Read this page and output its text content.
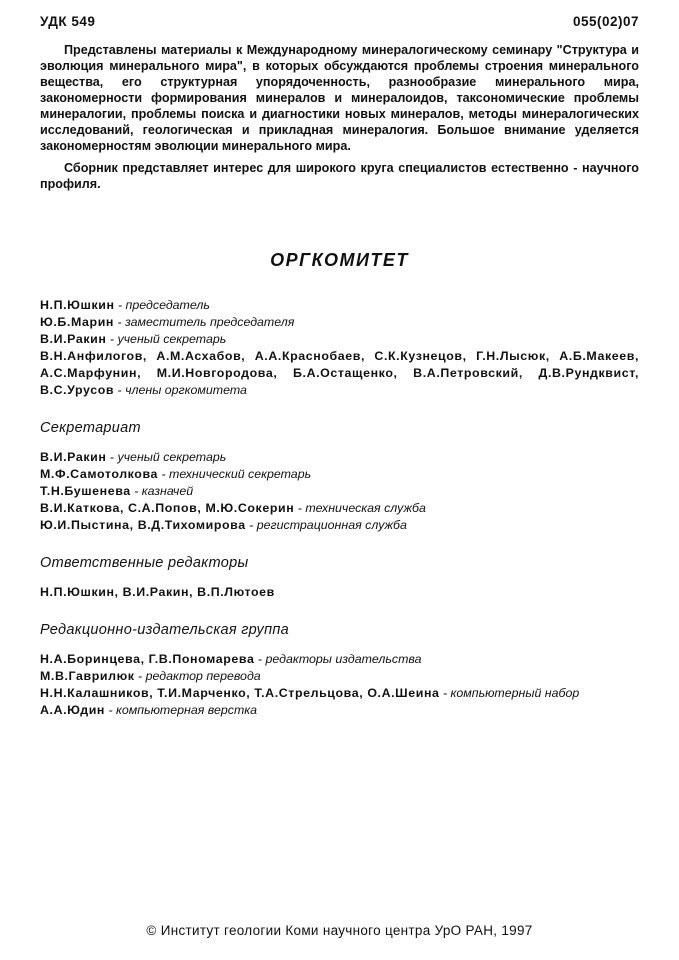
УДК 549	055(02)07

Представлены материалы к Международному минералогическому семинару "Структура и эволюция минерального мира", в которых обсуждаются проблемы строения минерального вещества, его структурная упорядоченность, разнообразие минерального мира, закономерности формирования минералов и минералоидов, таксономические проблемы минералогии, проблемы поиска и диагностики новых минералов, методы минералогических исследований, геологическая и прикладная минералогия. Большое внимание уделяется закономерностям эволюции минерального мира.

Сборник представляет интерес для широкого круга специалистов естественно - научного профиля.

ОРГКОМИТЕТ

Н.П.Юшкин - председатель

Ю.Б.Марин - заместитель председателя

В.И.Ракин - ученый секретарь

В.Н.Анфилогов, А.М.Асхабов, А.А.Краснобаев, С.К.Кузнецов, Г.Н.Лысюк, А.Б.Макеев, А.С.Марфунин, М.И.Новгородова, Б.А.Остащенко, В.А.Петровский, Д.В.Рундквист, В.С.Урусов - члены оргкомитета

Секретариат

В.И.Ракин - ученый секретарь

М.Ф.Самотолкова - технический секретарь

Т.Н.Бушенева - казначей

В.И.Каткова, С.А.Попов, М.Ю.Сокерин - техническая служба

Ю.И.Пыстина, В.Д.Тихомирова - регистрационная служба

Ответственные редакторы

Н.П.Юшкин, В.И.Ракин, В.П.Лютоев

Редакционно-издательская группа

Н.А.Боринцева, Г.В.Пономарева - редакторы издательства

М.В.Гаврилюк - редактор перевода

Н.Н.Калашников, Т.И.Марченко, Т.А.Стрельцова, О.А.Шеина - компьютерный набор

А.А.Юдин - компьютерная верстка

© Институт геологии Коми научного центра УрО РАН, 1997
